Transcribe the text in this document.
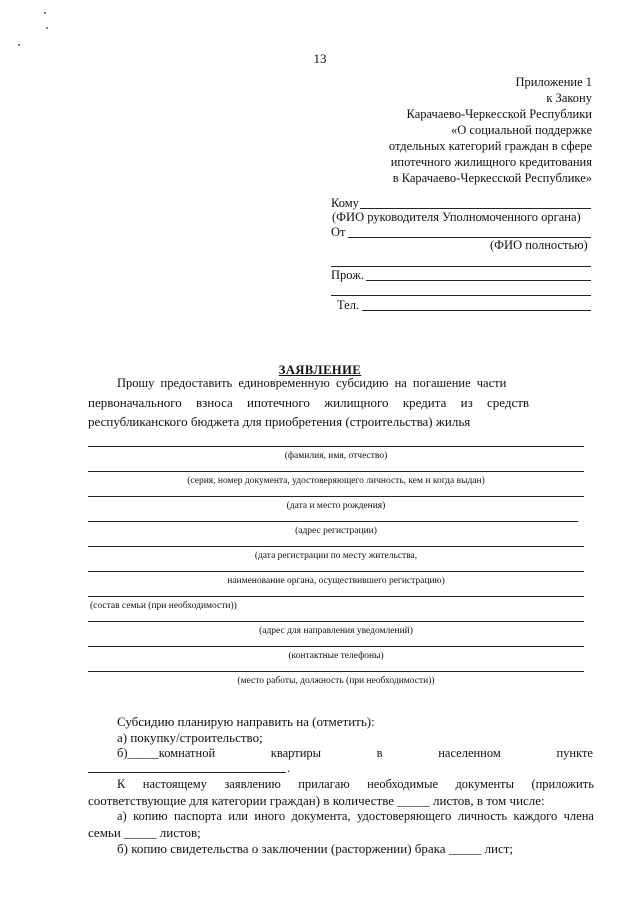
13
Приложение 1
к Закону
Карачаево-Черкесской Республики
«О социальной поддержке
отдельных категорий граждан в сфере
ипотечного жилищного кредитования
в Карачаево-Черкесской Республике»
Кому
(ФИО руководителя Уполномоченного органа)
От
(ФИО полностью)
Прож.
Тел.
ЗАЯВЛЕНИЕ
Прошу предоставить единовременную субсидию на погашение части
первоначального взноса ипотечного жилищного кредита из средств
республиканского бюджета для приобретения (строительства) жилья
(фамилия, имя, отчество)
(серия, номер документа, удостоверяющего личность, кем и когда выдан)
(дата и место рождения)
(адрес регистрации)
(дата регистрации по месту жительства,
наименование органа, осуществившего регистрацию)
(состав семьи (при необходимости))
(адрес для направления уведомлений)
(контактные телефоны)
(место работы, должность (при необходимости))
Субсидию планирую направить на (отметить):
а) покупку/строительство;
б)_____комнатной	квартиры	в	населенном	пункте
.
К настоящему заявлению прилагаю необходимые документы (приложить
соответствующие для категории граждан) в количестве _____ листов, в том числе:
а) копию паспорта или иного документа, удостоверяющего личность каждого члена
семьи _____ листов;
б) копию свидетельства о заключении (расторжении) брака _____ лист;
